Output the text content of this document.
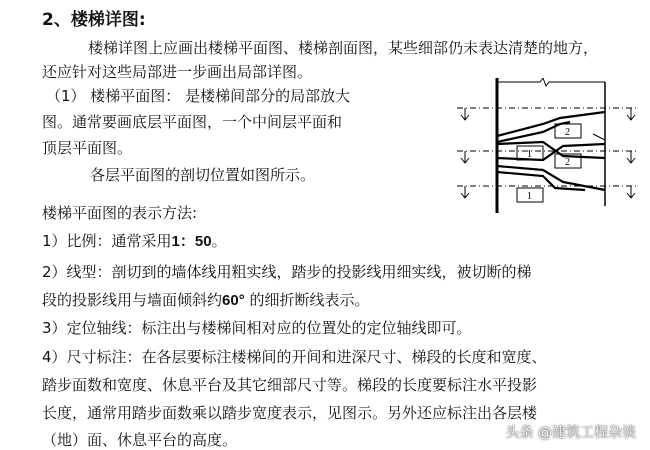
2、楼梯详图:
楼梯详图上应画出楼梯平面图、楼梯剖面图，某些细部仍未表达清楚的地方，
还应针对这些局部进一步画出局部详图。
（1） 楼梯平面图： 是楼梯间部分的局部放大
图。通常要画底层平面图，一个中间层平面和
顶层平面图。
各层平面图的剖切位置如图所示。
楼梯平面图的表示方法:
1）比例：通常采用1：50。
2）线型：剖切到的墙体线用粗实线，踏步的投影线用细实线，被切断的梯
段的投影线用与墙面倾斜约60° 的细折断线表示。
3）定位轴线：标注出与楼梯间相对应的位置处的定位轴线即可。
4）尺寸标注：在各层要标注楼梯间的开间和进深尺寸、梯段的长度和宽度、
踏步面数和宽度、休息平台及其它细部尺寸等。梯段的长度要标注水平投影
长度，通常用踏步面数乘以踏步宽度表示，见图示。另外还应标注出各层楼
（地）面、休息平台的高度。
2
1
2
1
头条 @建筑工程杂谈
